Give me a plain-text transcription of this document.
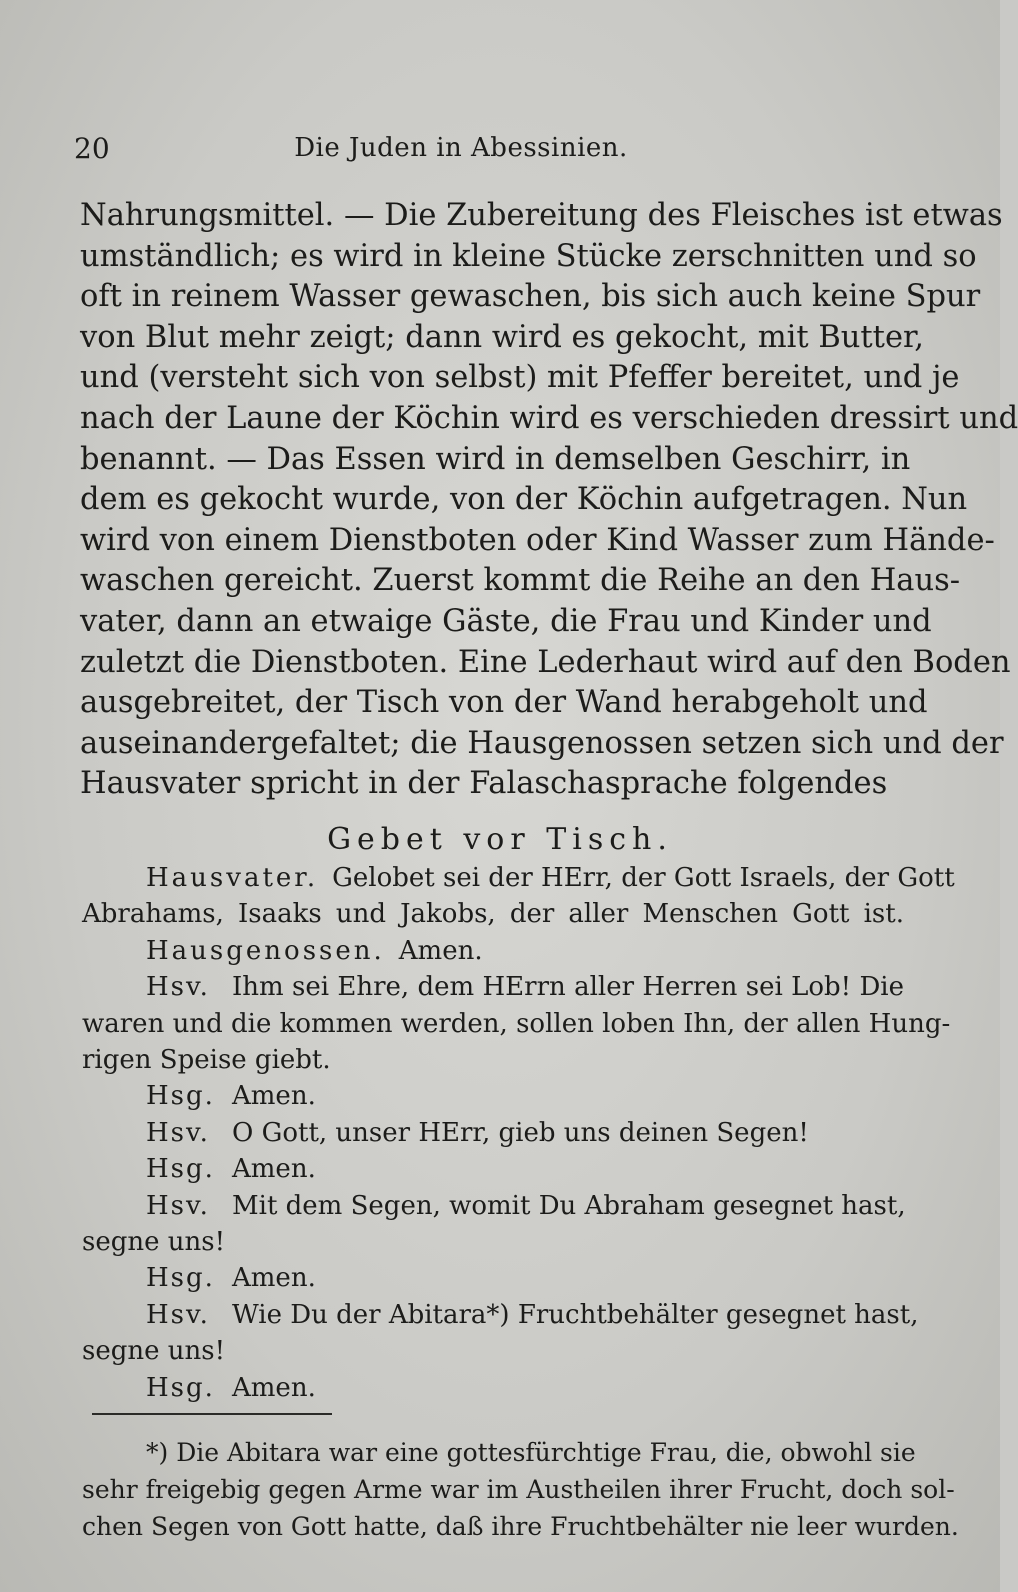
20	Die Juden in Abessinien.
Nahrungsmittel. — Die Zubereitung des Fleisches ist etwas
umständlich; es wird in kleine Stücke zerschnitten und so
oft in reinem Wasser gewaschen, bis sich auch keine Spur
von Blut mehr zeigt; dann wird es gekocht, mit Butter,
und (versteht sich von selbst) mit Pfeffer bereitet, und je
nach der Laune der Köchin wird es verschieden dressirt und
benannt. — Das Essen wird in demselben Geschirr, in
dem es gekocht wurde, von der Köchin aufgetragen. Nun
wird von einem Dienstboten oder Kind Wasser zum Hände-
waschen gereicht. Zuerst kommt die Reihe an den Haus-
vater, dann an etwaige Gäste, die Frau und Kinder und
zuletzt die Dienstboten. Eine Lederhaut wird auf den Boden
ausgebreitet, der Tisch von der Wand herabgeholt und
auseinandergefaltet; die Hausgenossen setzen sich und der
Hausvater spricht in der Falaschasprache folgendes
Gebet vor Tisch.
Hausvater. Gelobet sei der HErr, der Gott Israels, der Gott
Abrahams, Isaaks und Jakobs, der aller Menschen Gott ist.
Hausgenossen. Amen.
Hsv. Ihm sei Ehre, dem HErrn aller Herren sei Lob! Die
waren und die kommen werden, sollen loben Ihn, der allen Hung-
rigen Speise giebt.
Hsg. Amen.
Hsv. O Gott, unser HErr, gieb uns deinen Segen!
Hsg. Amen.
Hsv. Mit dem Segen, womit Du Abraham gesegnet hast,
segne uns!
Hsg. Amen.
Hsv. Wie Du der Abitara*) Fruchtbehälter gesegnet hast,
segne uns!
Hsg. Amen.
*) Die Abitara war eine gottesfürchtige Frau, die, obwohl sie
sehr freigebig gegen Arme war im Austheilen ihrer Frucht, doch sol-
chen Segen von Gott hatte, daß ihre Fruchtbehälter nie leer wurden.
